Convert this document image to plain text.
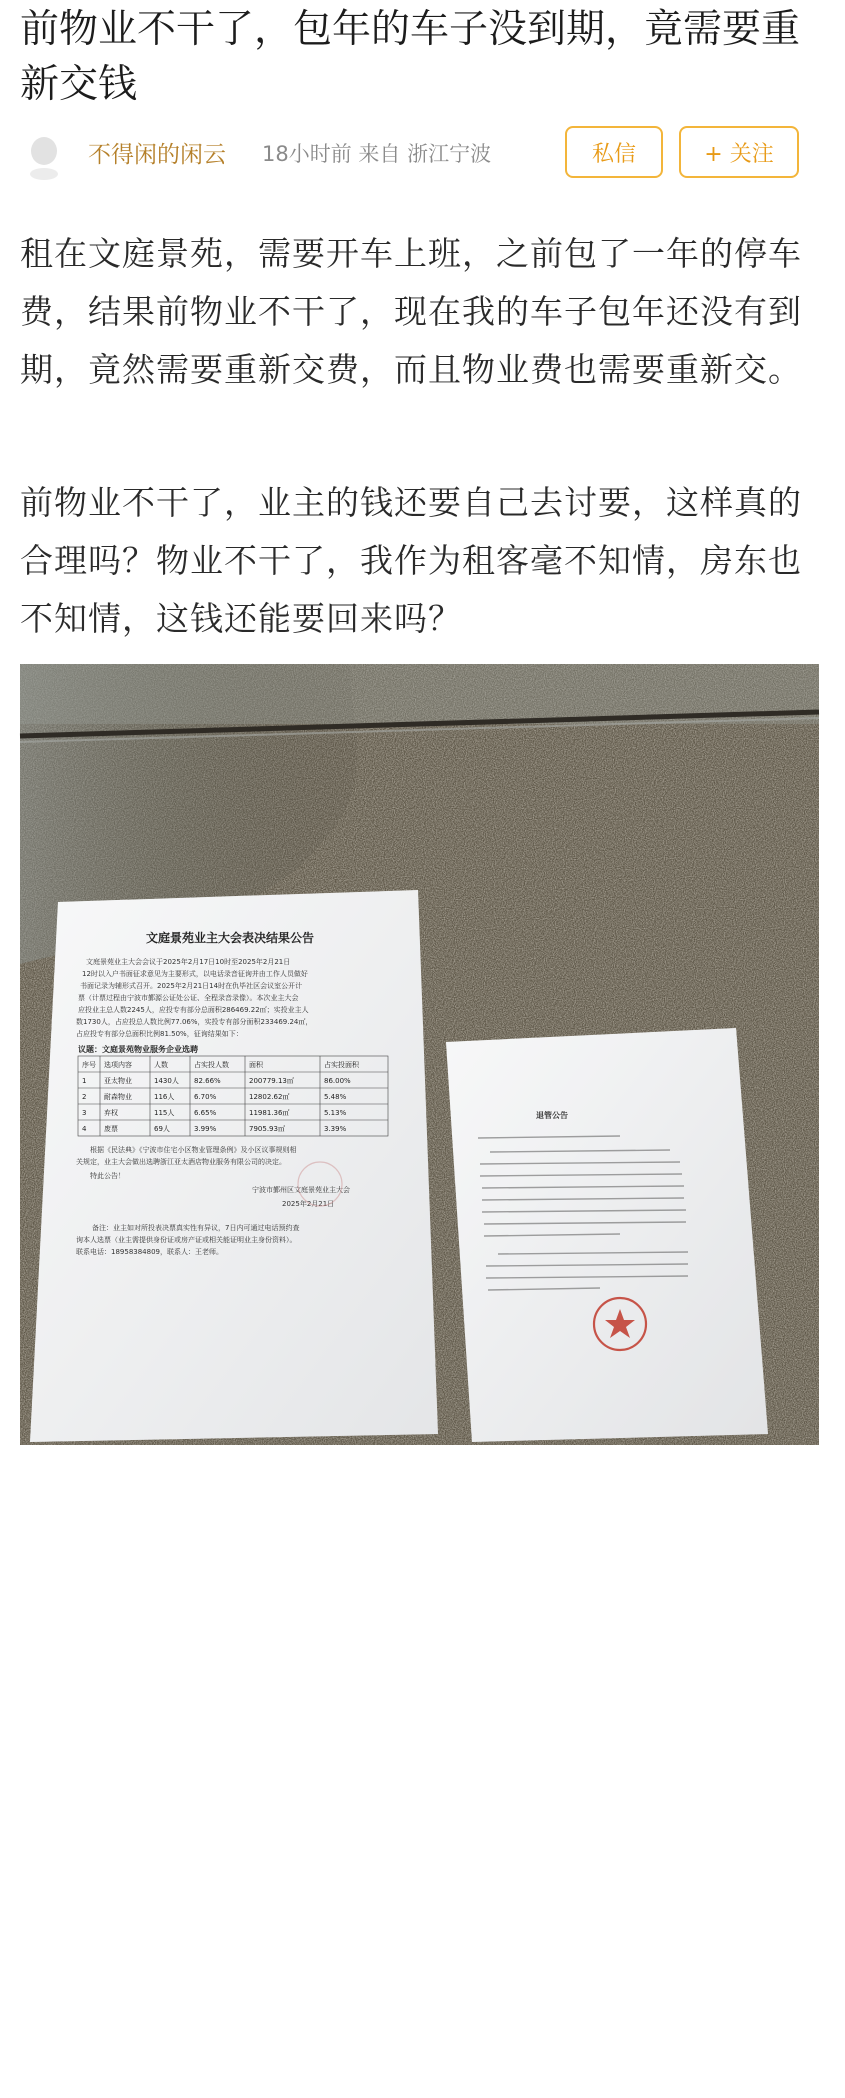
前物业不干了，包年的车子没到期，竟需要重新交钱
不得闲的闲云 18小时前 来自 浙江宁波	私信	+ 关注

租在文庭景苑，需要开车上班，之前包了一年的停车费，结果前物业不干了，现在我的车子包年还没有到期，竟然需要重新交费，而且物业费也需要重新交。

前物业不干了，业主的钱还要自己去讨要，这样真的合理吗？物业不干了，我作为租客毫不知情，房东也不知情，这钱还能要回来吗？

文庭景苑业主大会表决结果公告
文庭景苑业主大会会议于2025年2月17日10时至2025年2月21日
12时以入户书面征求意见为主要形式，以电话录音征询并由工作人员做好
书面记录为辅形式召开。2025年2月21日14时在仇毕社区会议室公开计
票（计票过程由宁波市鄞源公证处公证、全程录音录像）。本次业主大会
应投业主总人数2245人，应投专有部分总面积286469.22㎡；实投业主人
数1730人，占应投总人数比例77.06%，实投专有部分面积233469.24㎡，
占应投专有部分总面积比例81.50%，征询结果如下：
议题：文庭景苑物业服务企业选聘
序号 选项内容	人数	占实投人数	面积	占实投面积
1	亚太物业	1430人 82.66%	200779.13㎡	86.00%
2	耐森物业	116人	6.70%	12802.62㎡	5.48%
3	弃权	115人	6.65%	11981.36㎡	5.13%
4	废票	69人	3.99%	7905.93㎡	3.39%
根据《民法典》《宁波市住宅小区物业管理条例》及小区议事规则相
关规定，业主大会做出选聘浙江亚太酒店物业服务有限公司的决定。
特此公告！
宁波市鄞州区文庭景苑业主大会
2025年2月21日
备注：业主如对所投表决票真实性有异议，7日内可通过电话预约查
询本人选票（业主需提供身份证或房产证或相关能证明业主身份资料）。
联系电话：18958384809，联系人：王老师。
退管公告
东方论坛
bbs.cnool.net
